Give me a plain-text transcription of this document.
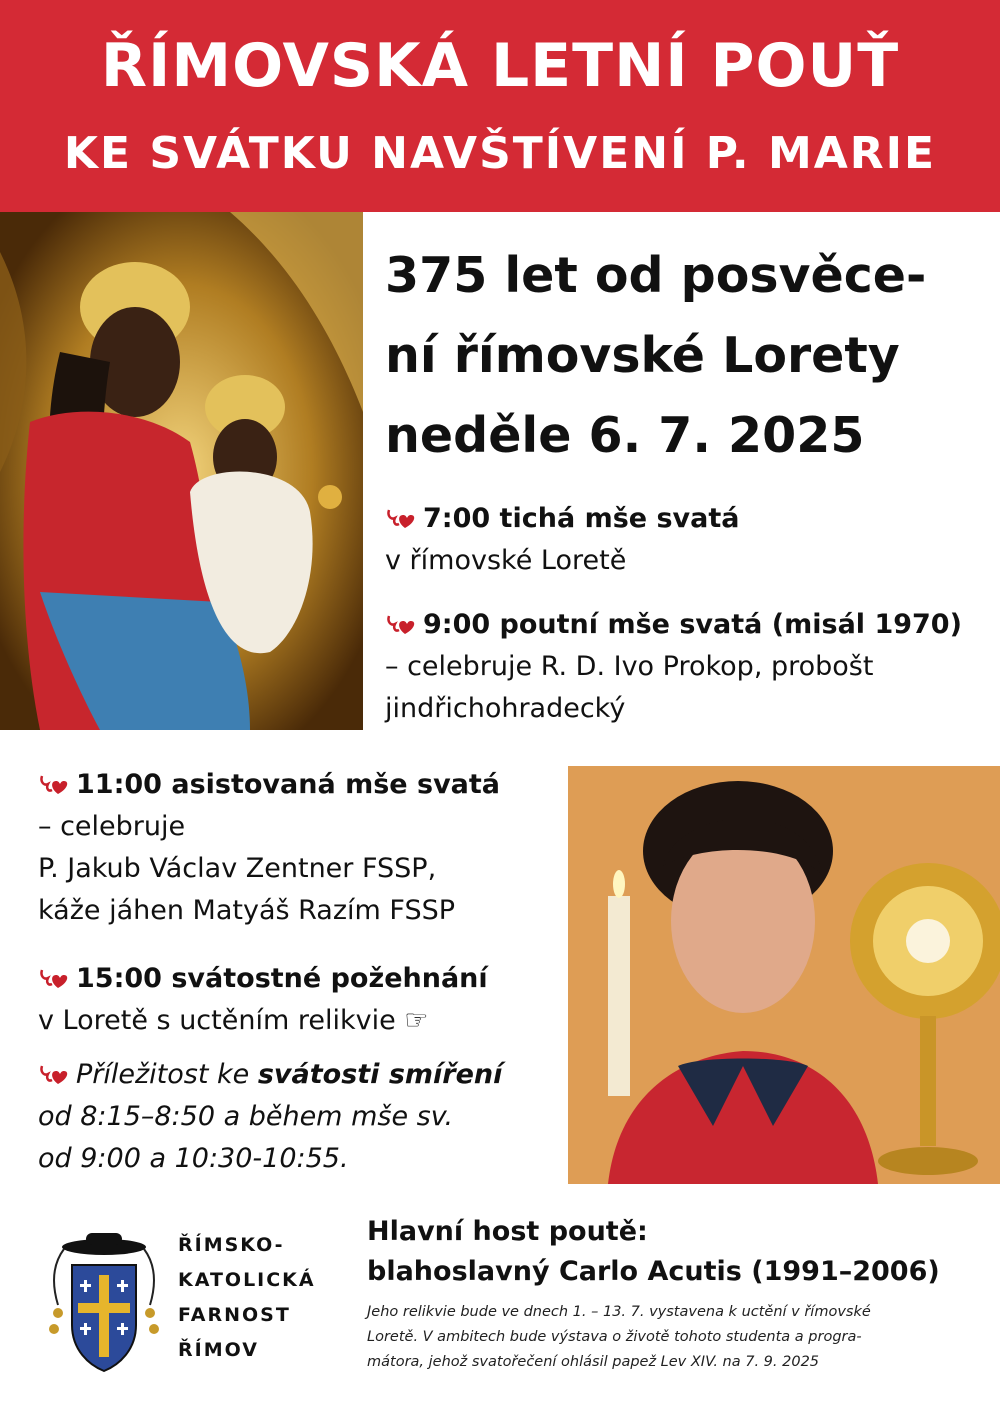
ŘÍMOVSKÁ LETNÍ POUŤ
KE SVÁTKU NAVŠTÍVENÍ P. MARIE
375 let od posvěce-
ní římovské Lorety
neděle 6. 7. 2025
7:00 tichá mše svatá
v římovské Loretě
9:00 poutní mše svatá (misál 1970)
– celebruje R. D. Ivo Prokop, probošt
jindřichohradecký
11:00 asistovaná mše svatá
– celebruje
P. Jakub Václav Zentner FSSP,
káže jáhen Matyáš Razím FSSP
15:00 svátostné požehnání
v Loretě s uctěním relikvie ☞
Příležitost ke svátosti smíření
od 8:15–8:50 a během mše sv.
od 9:00 a 10:30-10:55.
ŘÍMSKO-
KATOLICKÁ
FARNOST
ŘÍMOV
Hlavní host poutě:
blahoslavný Carlo Acutis (1991–2006)
Jeho relikvie bude ve dnech 1. – 13. 7. vystavena k uctění v římovské
Loretě. V ambitech bude výstava o životě tohoto studenta a progra-
mátora, jehož svatořečení ohlásil papež Lev XIV. na 7. 9. 2025
